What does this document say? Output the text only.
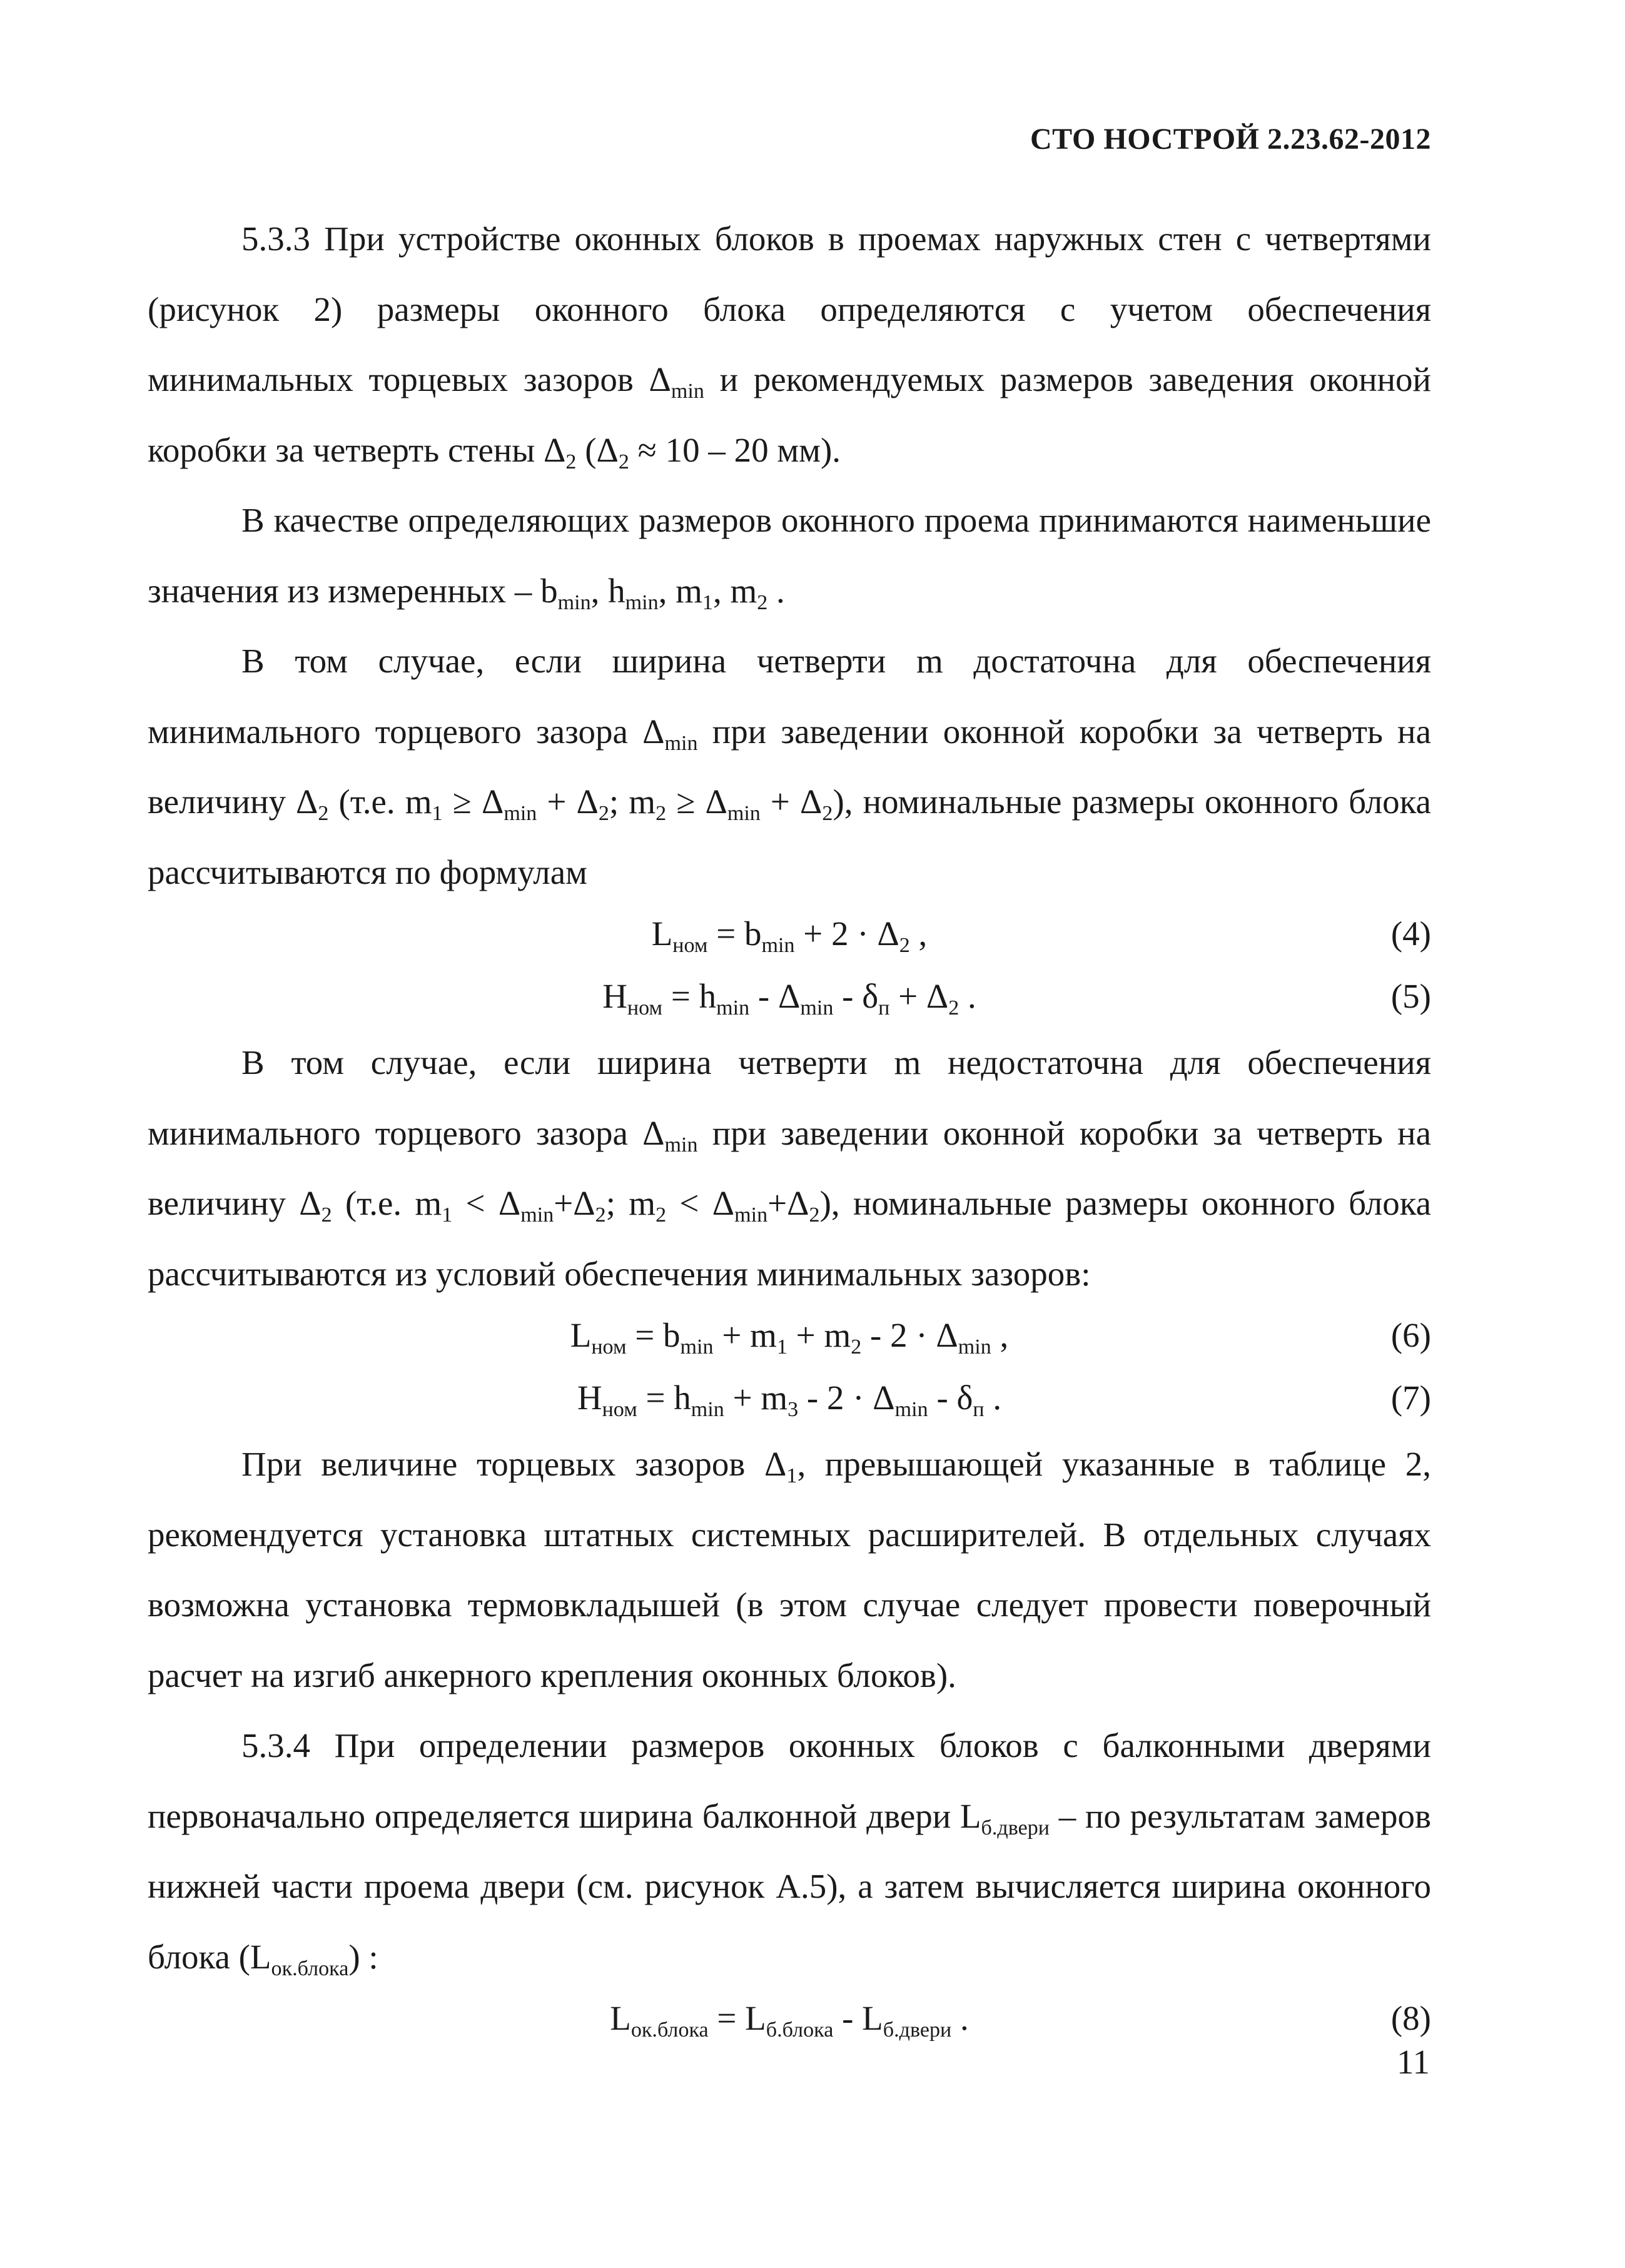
СТО НОСТРОЙ 2.23.62-2012

5.3.3 При устройстве оконных блоков в проемах наружных стен с четвертями (рисунок 2) размеры оконного блока определяются с учетом обеспечения минимальных торцевых зазоров $\Delta_{min}$ и рекомендуемых размеров заведения оконной коробки за четверть стены $\Delta_2$ ($\Delta_2 \approx 10 - 20$ мм).

В качестве определяющих размеров оконного проема принимаются наименьшие значения из измеренных – $b_{min}$, $h_{min}$, $m_1$, $m_2$ .

В том случае, если ширина четверти m достаточна для обеспечения минимального торцевого зазора $\Delta_{min}$ при заведении оконной коробки за четверть на величину $\Delta_2$ (т.е. $m_1 \ge \Delta_{min} + \Delta_2$; $m_2 \ge \Delta_{min} + \Delta_2$), номинальные размеры оконного блока рассчитываются по формулам

$L_{ном} = b_{min} + 2 \cdot \Delta_2$ ,	(4)
$H_{ном} = h_{min} - \Delta_{min} - \delta_п + \Delta_2$ .	(5)

В том случае, если ширина четверти m недостаточна для обеспечения минимального торцевого зазора $\Delta_{min}$ при заведении оконной коробки за четверть на величину $\Delta_2$ (т.е. $m_1 < \Delta_{min}+\Delta_2$; $m_2 < \Delta_{min}+\Delta_2$), номинальные размеры оконного блока рассчитываются из условий обеспечения минимальных зазоров:

$L_{ном} = b_{min} + m_1 + m_2 - 2 \cdot \Delta_{min}$ ,	(6)
$H_{ном} = h_{min} + m_3 - 2 \cdot \Delta_{min} - \delta_п$ .	(7)

При величине торцевых зазоров $\Delta_1$, превышающей указанные в таблице 2, рекомендуется установка штатных системных расширителей. В отдельных случаях возможна установка термовкладышей (в этом случае следует провести поверочный расчет на изгиб анкерного крепления оконных блоков).

5.3.4 При определении размеров оконных блоков с балконными дверями первоначально определяется ширина балконной двери $L_{б.двери}$ – по результатам замеров нижней части проема двери (см. рисунок А.5), а затем вычисляется ширина оконного блока $(L_{ок.блока})$ :

$L_{ок.блока} = L_{б.блока} - L_{б.двери}$ .	(8)
11
